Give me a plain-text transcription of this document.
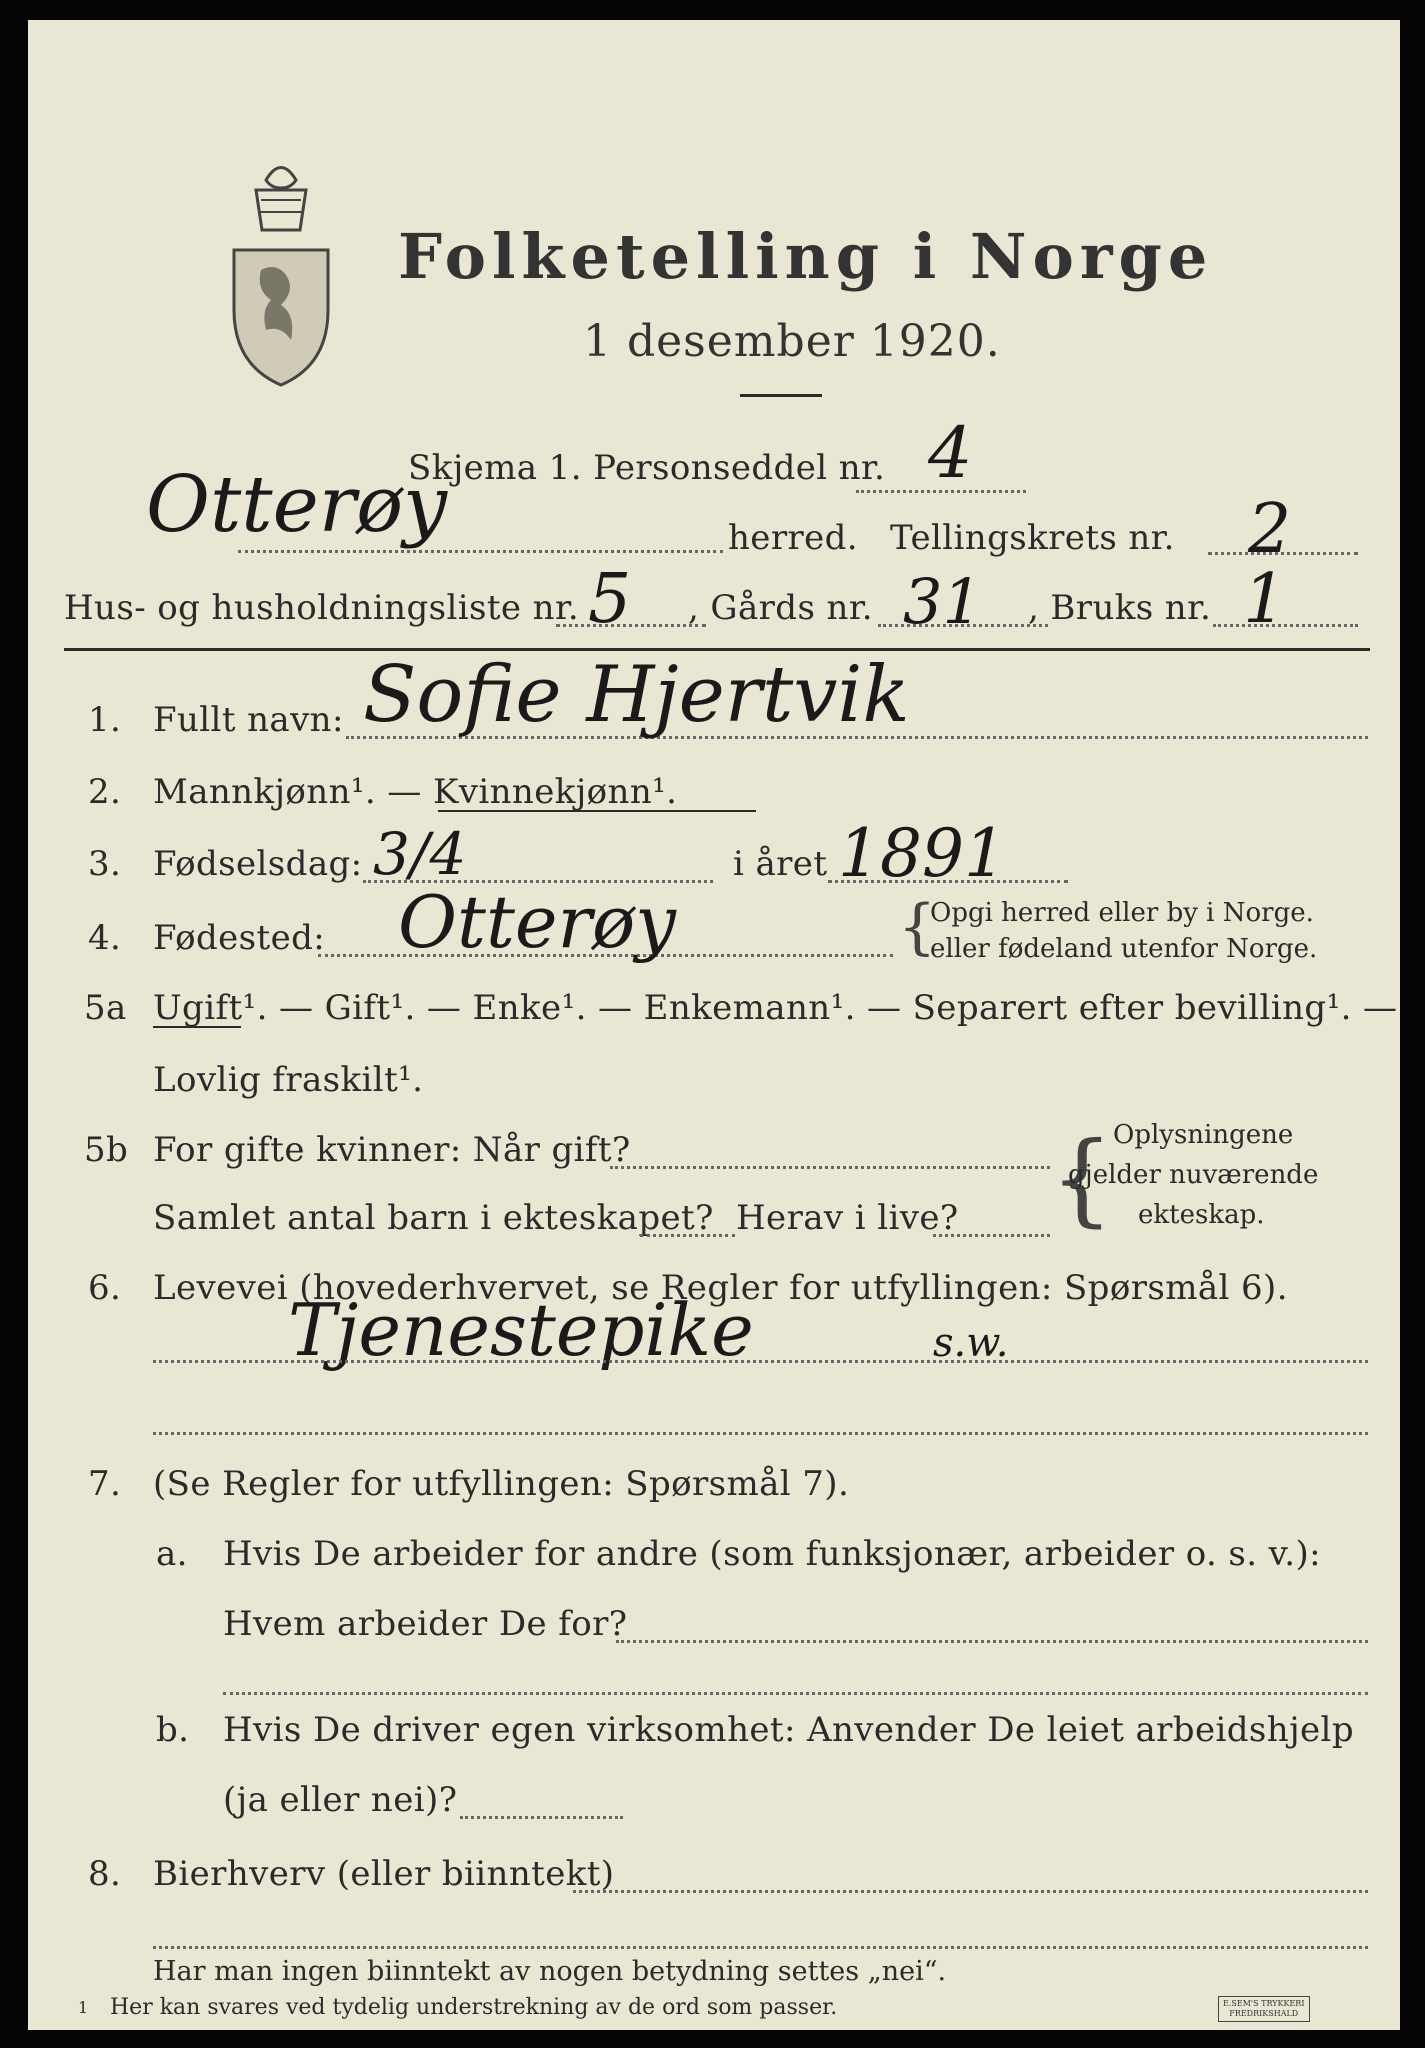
Folketelling i Norge
1 desember 1920.
Skjema 1. Personseddel nr. 4
Otterøy	herred. Tellingskrets nr. 2
Hus- og husholdningsliste nr. 5 , Gårds nr. 31 , Bruks nr. 1
1. Fullt navn: Sofie Hjertvik
2. Mannkjønn¹. — Kvinnekjønn¹.
3. Fødselsdag: 3/4	i året 1891
4. Fødested: Otterøy	{
Opgi herred eller by i Norge.
eller fødeland utenfor Norge.
5a Ugift¹. — Gift¹. — Enke¹. — Enkemann¹. — Separert efter bevilling¹. —
Lovlig fraskilt¹.
5b For gifte kvinner: Når gift?
Samlet antal barn i ekteskapet? Herav i live? { Oplysningene
gjelder nuværende
ekteskap.
6. Levevei (hovederhvervet, se Regler for utfyllingen: Spørsmål 6).
Tjenestepike	s.w.
7. (Se Regler for utfyllingen: Spørsmål 7).
a. Hvis De arbeider for andre (som funksjonær, arbeider o. s. v.):
Hvem arbeider De for?
b. Hvis De driver egen virksomhet: Anvender De leiet arbeidshjelp
(ja eller nei)?
8. Bierhverv (eller biinntekt)
Har man ingen biinntekt av nogen betydning settes „nei“.
1 Her kan svares ved tydelig understrekning av de ord som passer.	E.SEM'S TRYKKERI
FREDRIKSHALD
